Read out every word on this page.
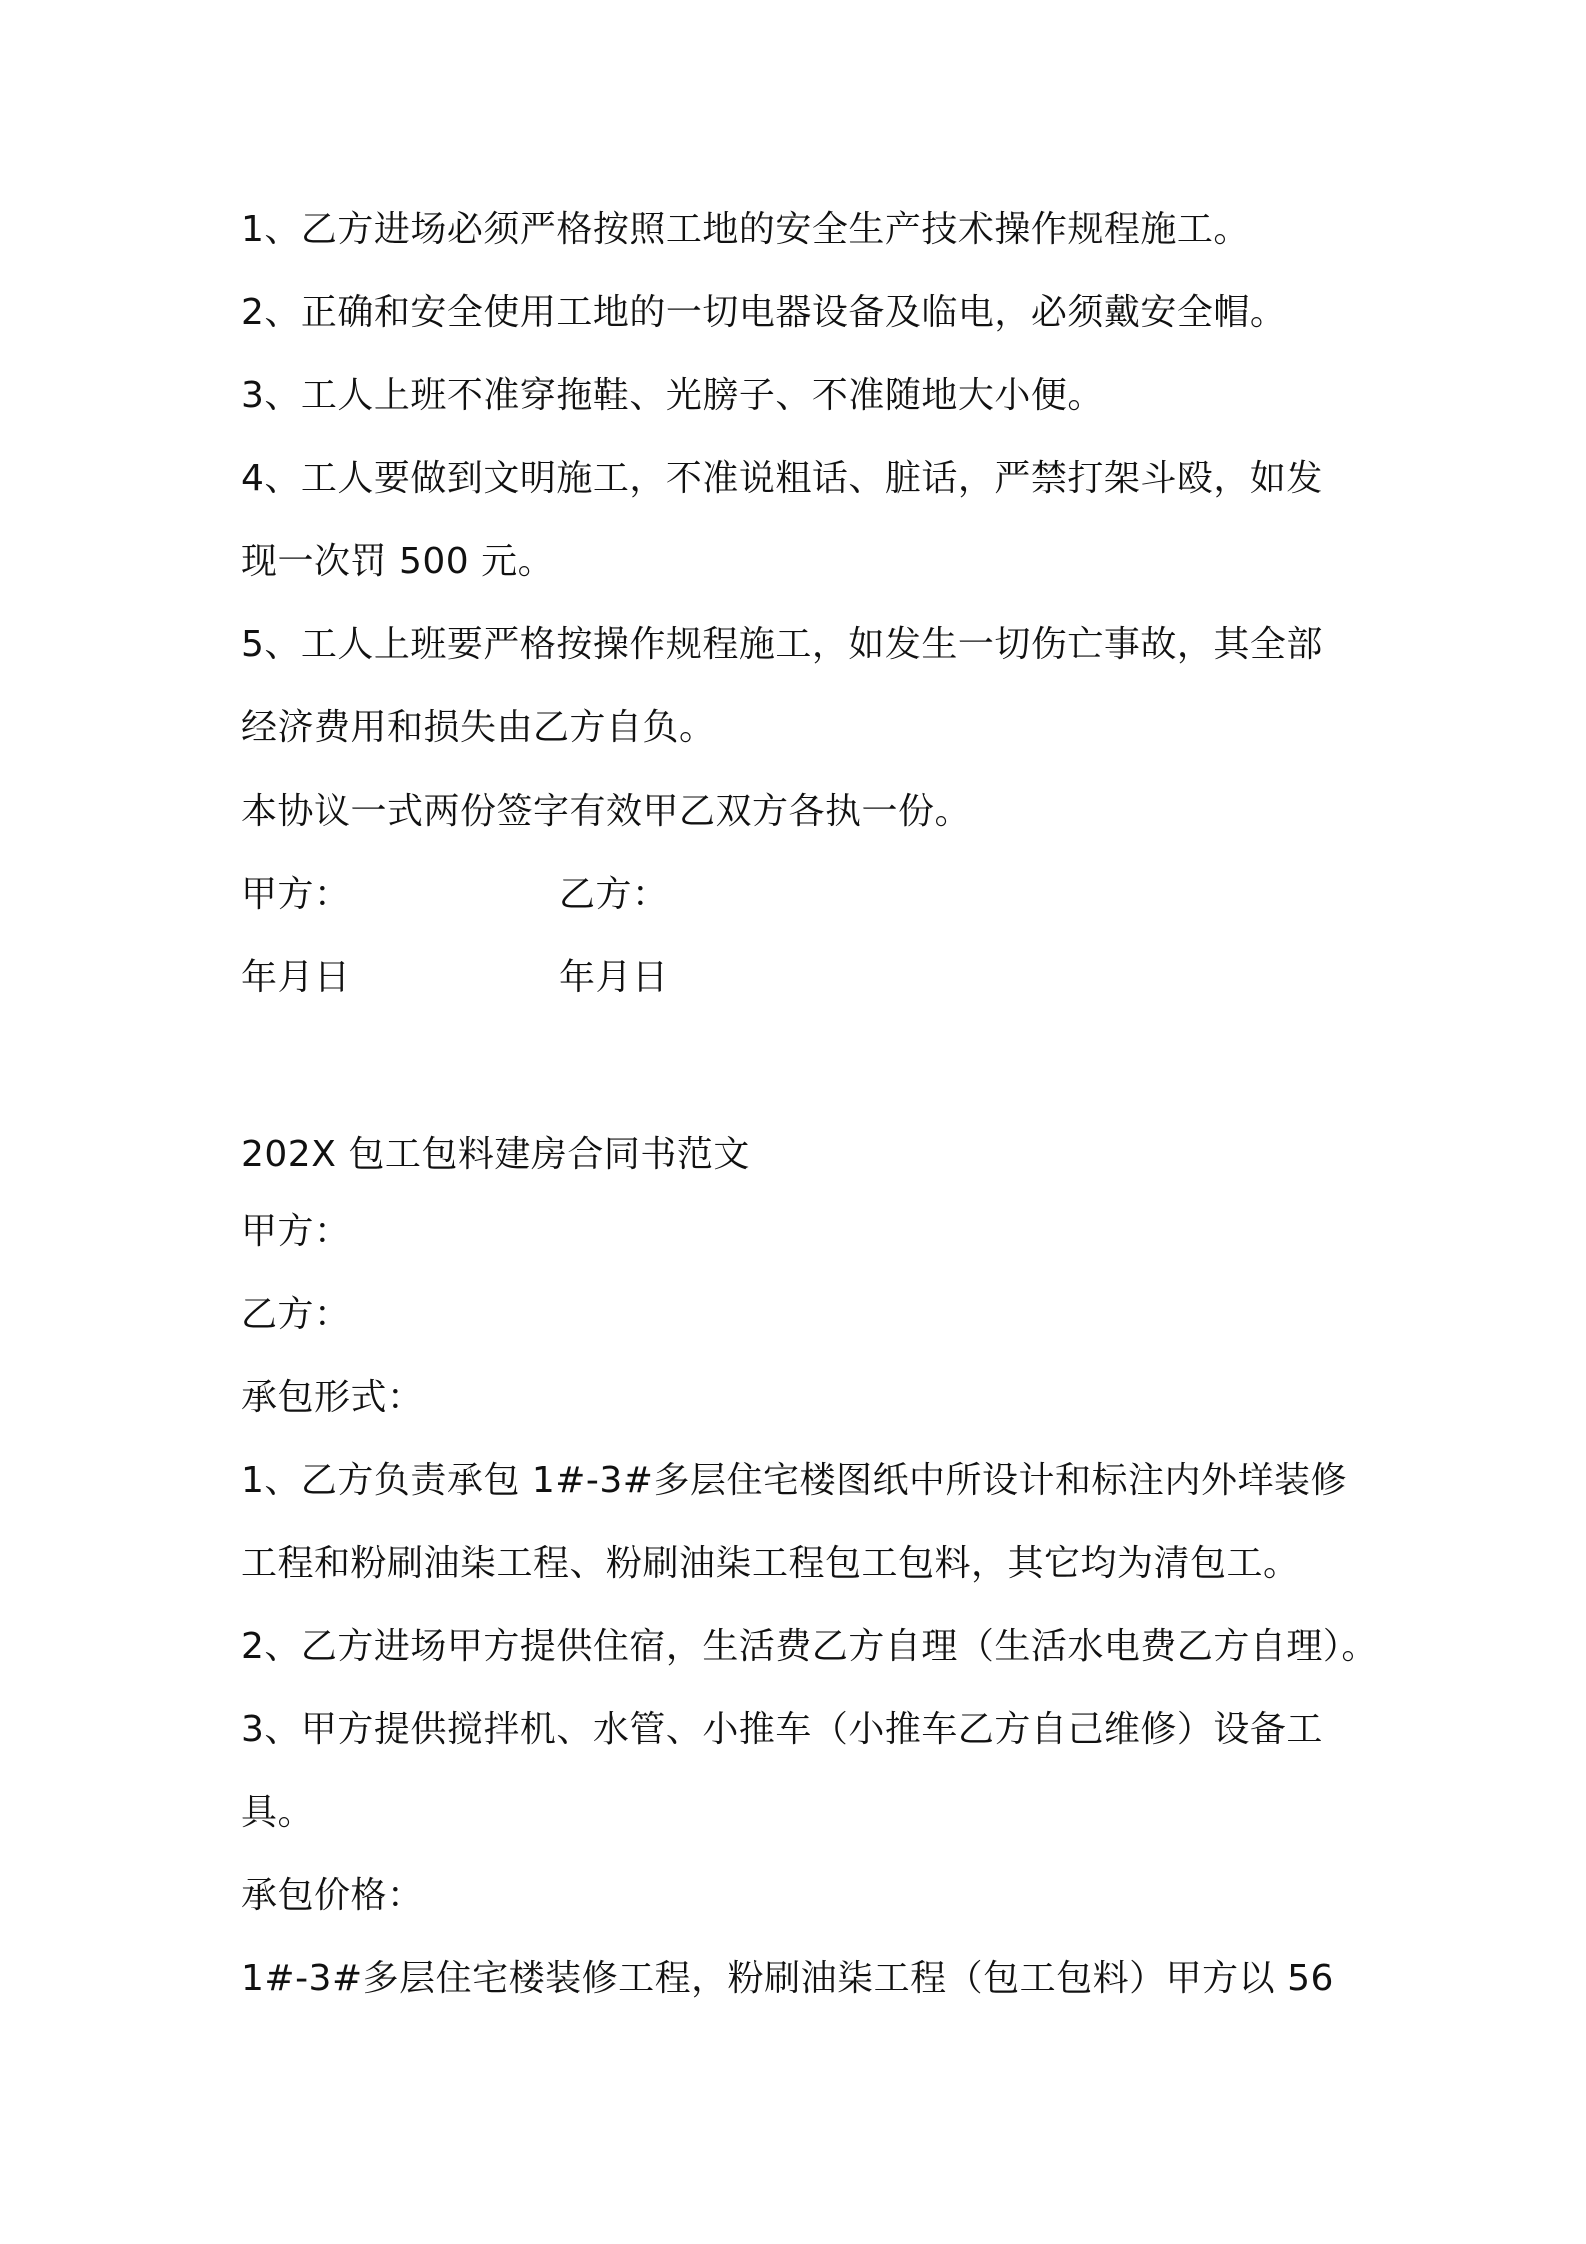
1、乙方进场必须严格按照工地的安全生产技术操作规程施工。
2、正确和安全使用工地的一切电器设备及临电，必须戴安全帽。
3、工人上班不准穿拖鞋、光膀子、不准随地大小便。
4、工人要做到文明施工，不准说粗话、脏话，严禁打架斗殴，如发
现一次罚 500 元。
5、工人上班要严格按操作规程施工，如发生一切伤亡事故，其全部
经济费用和损失由乙方自负。
本协议一式两份签字有效甲乙双方各执一份。
甲方：	乙方：
年月日	年月日
202X 包工包料建房合同书范文
甲方：
乙方：
承包形式：
1、乙方负责承包 1#-3#多层住宅楼图纸中所设计和标注内外垟装修
工程和粉刷油柒工程、粉刷油柒工程包工包料，其它均为清包工。
2、乙方进场甲方提供住宿，生活费乙方自理（生活水电费乙方自理）。
3、甲方提供搅拌机、水管、小推车（小推车乙方自己维修）设备工
具。
承包价格：
1#-3#多层住宅楼装修工程，粉刷油柒工程（包工包料）甲方以 56
